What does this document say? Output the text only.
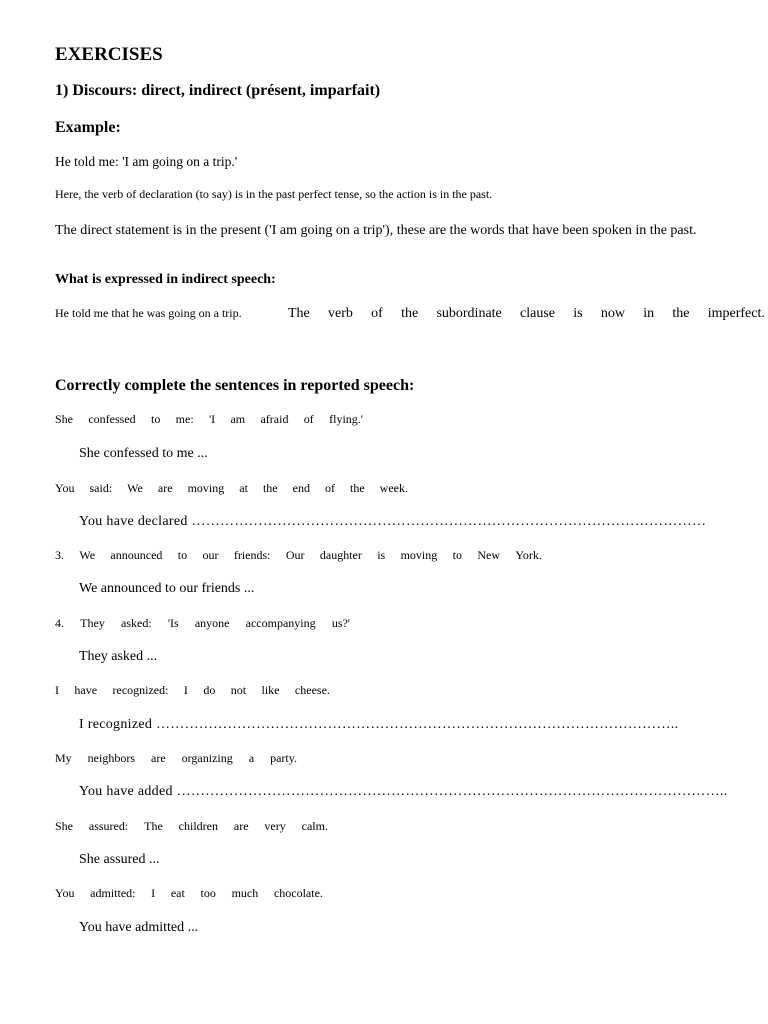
EXERCISES
1) Discours: direct, indirect (présent, imparfait)
Example:
He told me: 'I am going on a trip.'
Here, the verb of declaration (to say) is in the past perfect tense, so the action is in the past.
The direct statement is in the present ('I am going on a trip'), these are the words that have been spoken in the past.
What is expressed in indirect speech:
He told me that he was going on a trip.	The verb of the subordinate clause is now in the imperfect.
Correctly complete the sentences in reported speech:
She confessed to me: 'I am afraid of flying.'
She confessed to me ...
You said: We are moving at the end of the week.
You have declared ………………………………………………………………………………………………
3. We announced to our friends: Our daughter is moving to New York.
We announced to our friends ...
4. They asked: 'Is anyone accompanying us?'
They asked ...
I have recognized: I do not like cheese.
I recognized ………………………………………………………………………………………………..
My neighbors are organizing a party.
You have added ……………………………………………………………………………………………………..
She assured: The children are very calm.
She assured ...
You admitted: I eat too much chocolate.
You have admitted ...
